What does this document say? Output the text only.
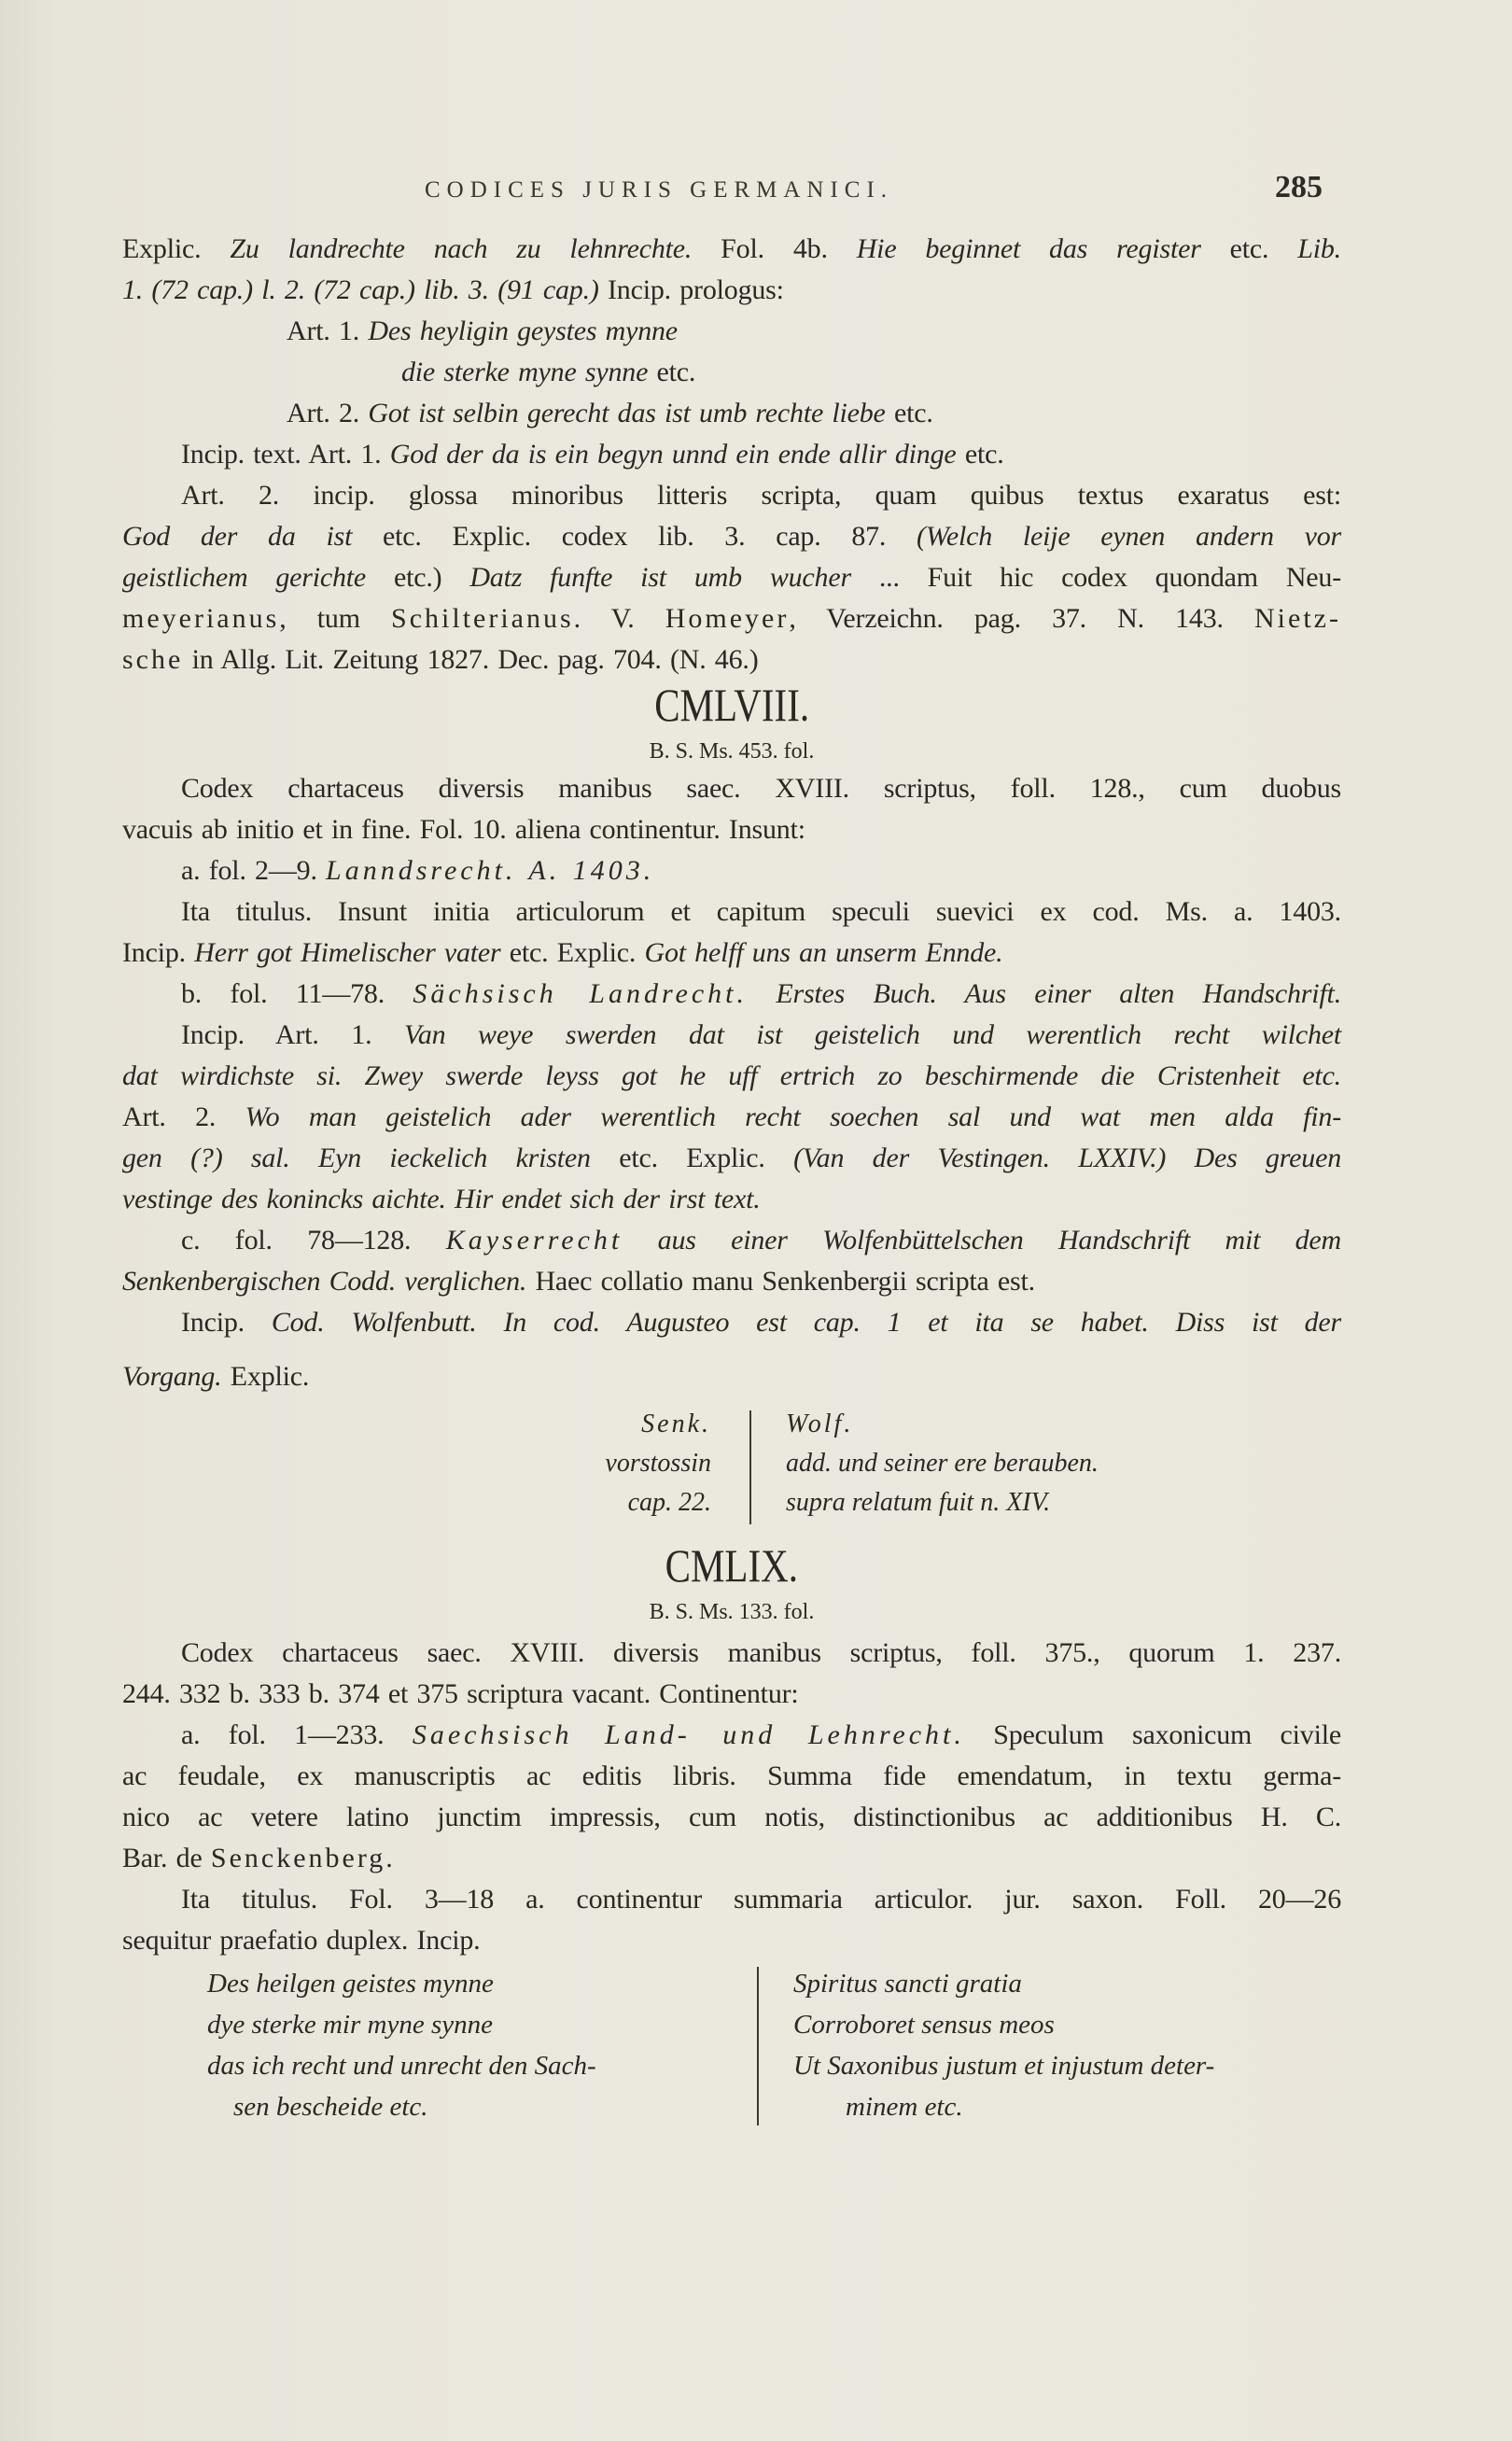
CODICES JURIS GERMANICI.	285
Explic. Zu landrechte nach zu lehnrechte. Fol. 4b. Hie beginnet das register etc. Lib.
1. (72 cap.) l. 2. (72 cap.) lib. 3. (91 cap.) Incip. prologus:
Art. 1. Des heyligin geystes mynne
die sterke myne synne etc.
Art. 2. Got ist selbin gerecht das ist umb rechte liebe etc.
Incip. text. Art. 1. God der da is ein begyn unnd ein ende allir dinge etc.
Art. 2. incip. glossa minoribus litteris scripta, quam quibus textus exaratus est:
God der da ist etc. Explic. codex lib. 3. cap. 87. (Welch leije eynen andern vor
geistlichem gerichte etc.) Datz funfte ist umb wucher ... Fuit hic codex quondam Neu-
meyerianus, tum Schilterianus. V. Homeyer, Verzeichn. pag. 37. N. 143. Nietz-
sche in Allg. Lit. Zeitung 1827. Dec. pag. 704. (N. 46.)
CMLVIII.
B. S. Ms. 453. fol.
Codex chartaceus diversis manibus saec. XVIII. scriptus, foll. 128., cum duobus
vacuis ab initio et in fine. Fol. 10. aliena continentur. Insunt:
a. fol. 2—9. Lanndsrecht. A. 1403.
Ita titulus. Insunt initia articulorum et capitum speculi suevici ex cod. Ms. a. 1403.
Incip. Herr got Himelischer vater etc. Explic. Got helff uns an unserm Ennde.
b. fol. 11—78. Sächsisch Landrecht. Erstes Buch. Aus einer alten Handschrift.
Incip. Art. 1. Van weye swerden dat ist geistelich und werentlich recht wilchet
dat wirdichste si. Zwey swerde leyss got he uff ertrich zo beschirmende die Cristenheit etc.
Art. 2. Wo man geistelich ader werentlich recht soechen sal und wat men alda fin-
gen (?) sal. Eyn ieckelich kristen etc. Explic. (Van der Vestingen. LXXIV.) Des greuen
vestinge des konincks aichte. Hir endet sich der irst text.
c. fol. 78—128. Kayserrecht aus einer Wolfenbüttelschen Handschrift mit dem
Senkenbergischen Codd. verglichen. Haec collatio manu Senkenbergii scripta est.
Incip. Cod. Wolfenbutt. In cod. Augusteo est cap. 1 et ita se habet. Diss ist der
Vorgang. Explic.
Senk.
vorstossin
cap. 22.
Wolf.
add. und seiner ere berauben.
supra relatum fuit n. XIV.
CMLIX.
B. S. Ms. 133. fol.
Codex chartaceus saec. XVIII. diversis manibus scriptus, foll. 375., quorum 1. 237.
244. 332 b. 333 b. 374 et 375 scriptura vacant. Continentur:
a. fol. 1—233. Saechsisch Land- und Lehnrecht. Speculum saxonicum civile
ac feudale, ex manuscriptis ac editis libris. Summa fide emendatum, in textu germa-
nico ac vetere latino junctim impressis, cum notis, distinctionibus ac additionibus H. C.
Bar. de Senckenberg.
Ita titulus. Fol. 3—18 a. continentur summaria articulor. jur. saxon. Foll. 20—26
sequitur praefatio duplex. Incip.
Des heilgen geistes mynne
dye sterke mir myne synne
das ich recht und unrecht den Sach-
sen bescheide etc.
Spiritus sancti gratia
Corroboret sensus meos
Ut Saxonibus justum et injustum deter-
minem etc.
